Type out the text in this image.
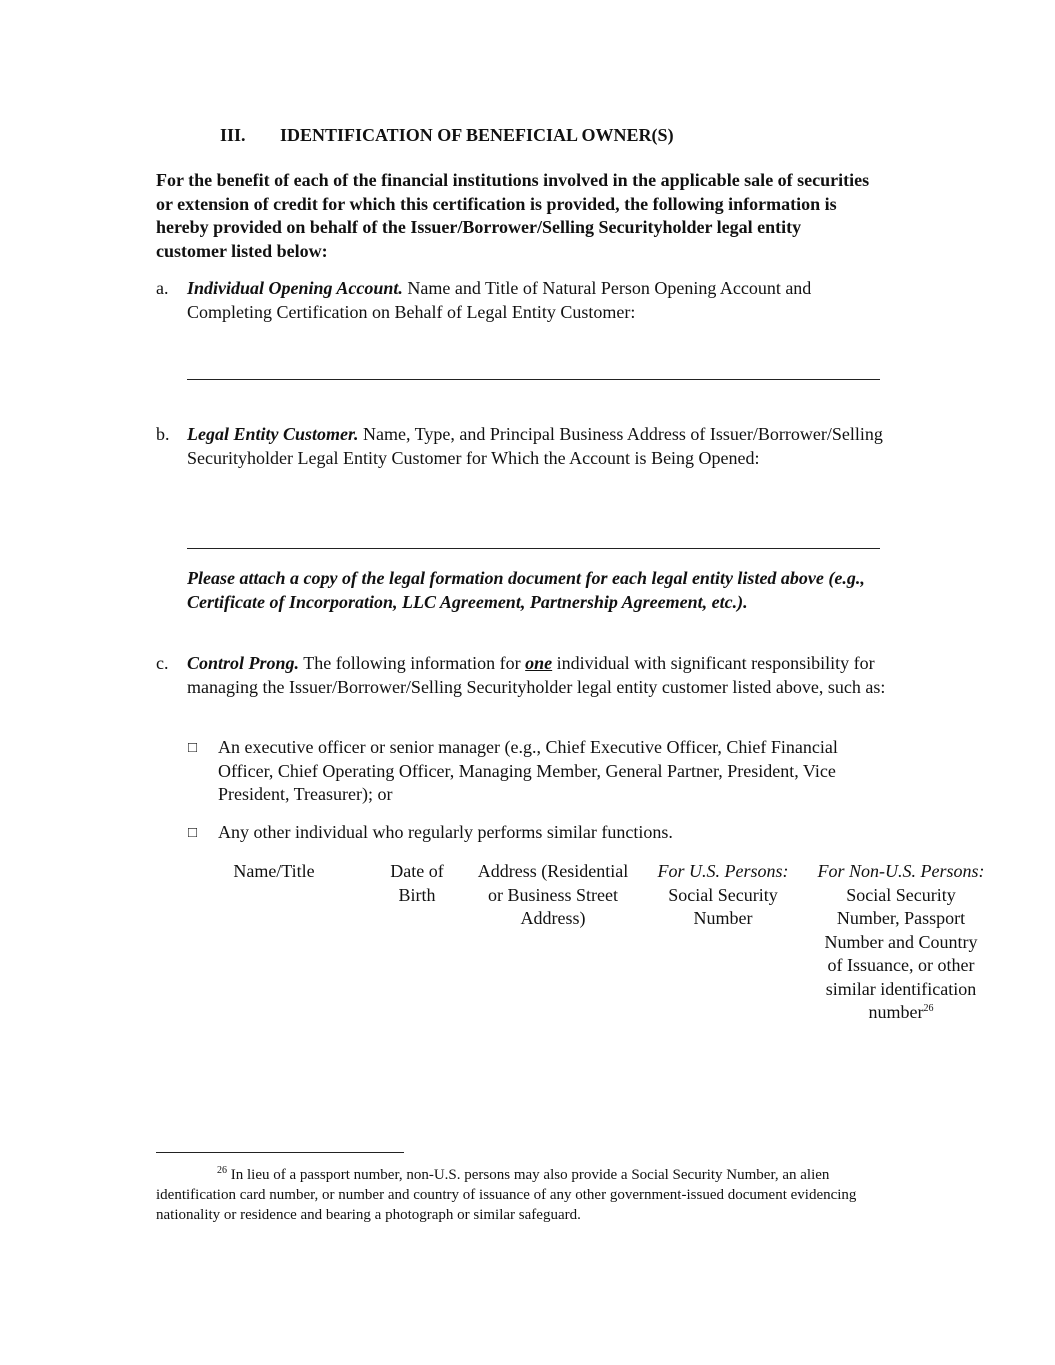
III. IDENTIFICATION OF BENEFICIAL OWNER(S)
For the benefit of each of the financial institutions involved in the applicable sale of securities or extension of credit for which this certification is provided, the following information is hereby provided on behalf of the Issuer/Borrower/Selling Securityholder legal entity customer listed below:
a. Individual Opening Account. Name and Title of Natural Person Opening Account and Completing Certification on Behalf of Legal Entity Customer:
b. Legal Entity Customer. Name, Type, and Principal Business Address of Issuer/Borrower/Selling Securityholder Legal Entity Customer for Which the Account is Being Opened:
Please attach a copy of the legal formation document for each legal entity listed above (e.g., Certificate of Incorporation, LLC Agreement, Partnership Agreement, etc.).
c. Control Prong. The following information for one individual with significant responsibility for managing the Issuer/Borrower/Selling Securityholder legal entity customer listed above, such as:
□ An executive officer or senior manager (e.g., Chief Executive Officer, Chief Financial Officer, Chief Operating Officer, Managing Member, General Partner, President, Vice President, Treasurer); or
□ Any other individual who regularly performs similar functions.
Name/Title	Date of
Birth
Address (Residential
or Business Street
Address)
For U.S. Persons:
Social Security
Number
For Non-U.S. Persons:
Social Security
Number, Passport
Number and Country
of Issuance, or other
similar identification
number$^{26}$
$^{26}$ In lieu of a passport number, non-U.S. persons may also provide a Social Security Number, an alien identification card number, or number and country of issuance of any other government-issued document evidencing nationality or residence and bearing a photograph or similar safeguard.
